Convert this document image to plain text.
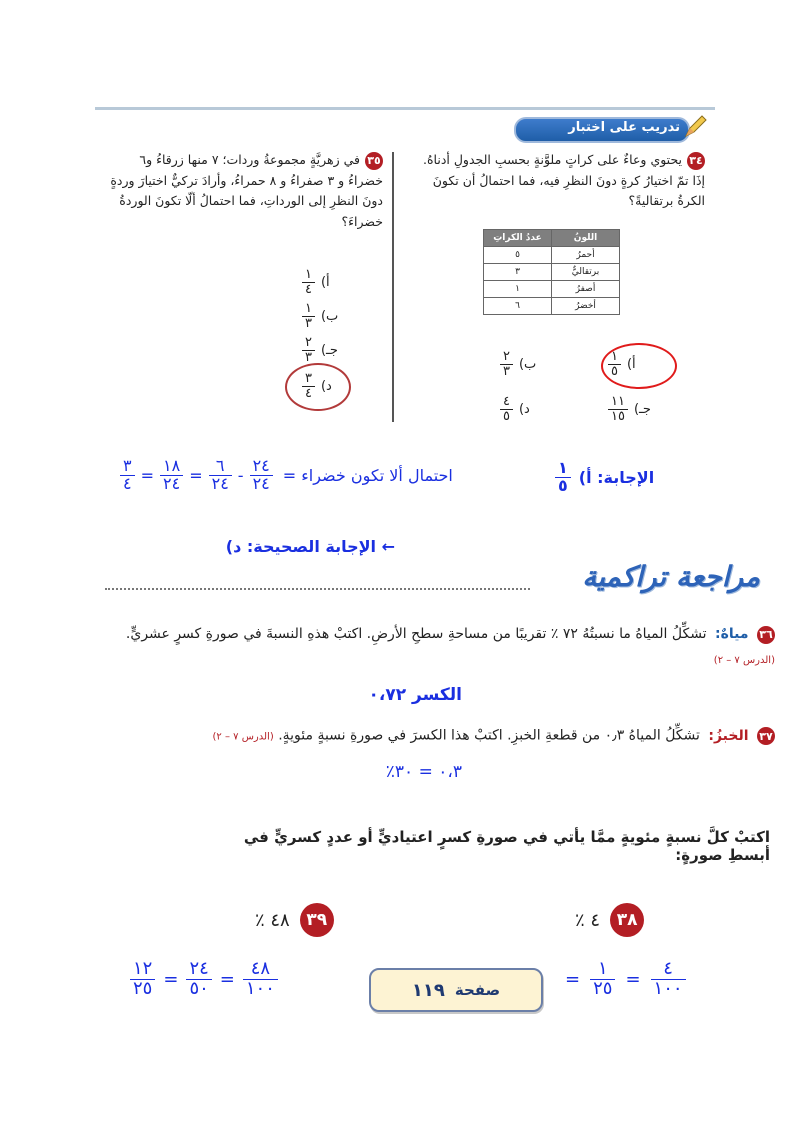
تدريب على اختبار
٣٤
يحتوي وعاءٌ على كراتٍ ملوَّنةٍ بحسبِ الجدولِ أدناهُ. إذَا تمّ اختيارُ كرةٍ دونَ النظرِ فيه، فما احتمالُ أن تكونَ الكرةُ برتقاليةً؟
اللونُ	عددُ الكراتِ
أحمرُ	٥
برتقاليٌّ	٣
أصفرُ	١
أخضرُ	٦
أ)
$\frac{١}{٥}$
ب)
$\frac{٢}{٣}$
جـ)
$\frac{١١}{١٥}$
د)
$\frac{٤}{٥}$
٣٥
في زهريَّةٍ مجموعةُ وردات؛ ٧ منها زرقاءُ و٦ خضراءُ و ٣ صفراءُ و ٨ حمراءُ، وأرادَ تركيٌّ اختيارَ وردةٍ دونَ النظرِ إلى الورداتِ، فما احتمالُ ألّا تكونَ الوردةُ خضراءَ؟
أ)
$\frac{١}{٤}$
ب)
$\frac{١}{٣}$
جـ)
$\frac{٢}{٣}$
د)
$\frac{٣}{٤}$
الإجابة: أ)
$\frac{١}{٥}$
احتمال ألا تكون خضراء =
$\frac{٢٤}{٢٤}$
-
$\frac{٦}{٢٤}$
=
$\frac{١٨}{٢٤}$
=
$\frac{٣}{٤}$
← الإجابة الصحيحة: د)
مراجعة تراكمية
٣٦ مياهٌ: تشكِّلُ المياهُ ما نسبتُهُ ٧٢ ٪ تقريبًا من مساحةِ سطحِ الأرضِ. اكتبْ هذهِ النسبةَ في صورةِ كسرٍ عشريٍّ. (الدرس ٧ – ٢)
الكسر ٠،٧٢
٣٧ الخبزُ: تشكِّلُ المياهُ ٠٫٣ من قطعةِ الخبزِ. اكتبْ هذا الكسرَ في صورةِ نسبةٍ مئويةٍ. (الدرس ٧ – ٢)
٠،٣ = ٣٠٪
اكتبْ كلَّ نسبةٍ مئويةٍ ممَّا يأتي في صورةِ كسرٍ اعتياديٍّ أو عددٍ كسريٍّ في أبسطِ صورةٍ:
٣٨
٤ ٪
٣٩
٤٨ ٪
$\frac{٤}{١٠٠}$
=
$\frac{١}{٢٥}$
=
$\frac{٤٨}{١٠٠}$
=
$\frac{٢٤}{٥٠}$
=
$\frac{١٢}{٢٥}$	صفحة
١١٩
